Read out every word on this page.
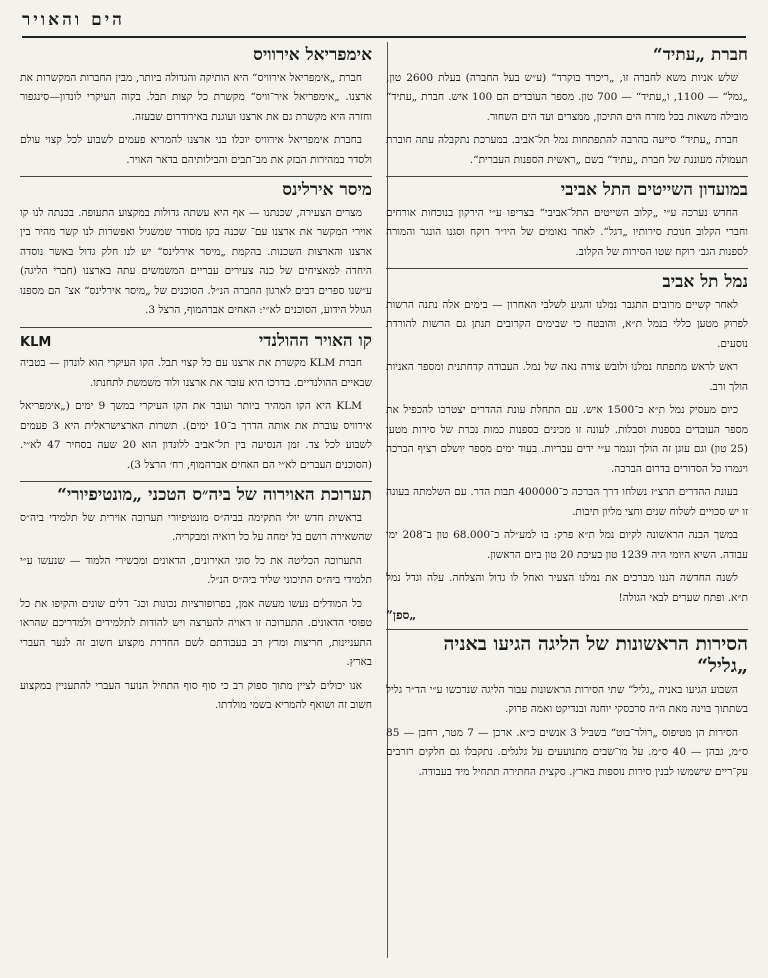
הים והאויר
חברת „עתיד“

שלש אניות משא לחברה זו, „ריכרד בוקרד“ (ע״ש בעל החברה) בעלת 2600 טון, „גמל“ — 1100, ו„עתיד“ — 700 טון. מספר העובדים הם 100 איש. חברת „עתיד“ מובילה משאות בכל מזרח הים התיכון, ממצרים ועד הים השחור.

חברת „עתיד“ סייעה בהרבה להתפתחות נמל תל־אביב. במערכת נתקבלה עתה חוברת תעמולה מעוננת של חברת „עתיד“ בשם „ראשית הספנות העברית“.

במועדון השייטים התל אביבי

החדש נערכה ע״י „קלוב השייטים התל־אביבי“ בצריפו ע״י הירקון בנוכחות אורחים וחברי הקלוב חנוכת סירותיו „דגל“. לאחר נאומים של היו״ר רוקח וסגנו הונגר והמורה לספנות הגב׳ רוקח שטו הסירות של הקלוב.

נמל תל אביב

לאחר קשיים מרובים התגבר נמלנו והגיע לשלבי האחרון — בימים אלה נתנה הרשות לפרוק מטען כללי בנמל ת״א, והובטח כי שבימים הקרובים תנתן גם הרשות להורדת נוסעים.

ראש לראש מתפתח נמלנו ולובש צורה נאה של נמל. העבודה קדחתנית ומספר האניות הולך ורב.

כיום מעסיק נמל ת״א כ־1500 איש. עם התחלת עונת ההדרים יצטרכו להכפיל את מספר העובדים בספנות וסבלות. לעונה זו מכינים בספנות כמות נכרת של סירות מטען (25 טון) וגם עוגן זה הולך ונגמר ע״י ידים עבריות. בעוד ימים מספר יושלם רציף הברכה ויגמרו כל הסדורים בדרום הברכה.

בעונת ההדרים תרצ״ז נשלחו דרך הברכה כ־400000 תבות הדר. עם השלמתה בעונה זו יש סכויים לשלוח שנים וחצי מליון תיבות.

במשך הבנה הראשונה לקיום נמל ת״א פרק: בו למע״לה כ־68.000 טון ב־208 ימי עבודה. השיא היומי היה 1239 טון בעיבת 20 טון ביום הראשון.

לשנה החדשה הננו מברכים את נמלנו הצעיר ואחל לו גדול והצלחה. עלה וגדל נמל ת״א. ופתח שערים לבאי הגולה!

„ספן“
הסירות הראשונות של הליגה הגיעו באניה „גליל“

השבוע הגיעו באניה „גליל“ שתי הסירות הראשונות עבור הליגה שנרכשו ע״י הד״ר גליל בשתתוך בוינה מאת ה״ה סרכסקי יוחנה ובנדיקט ואמה פרוק.

הסירות הן מטיפוס „רולר־בוט“ בשביל 3 אנשים כ״א. ארכן — 7 מטר, רחבן — 85 ס״מ, גבהן — 40 ס״מ. על מו־שבים מתנועעים על גלגלים. נתקבלו גם חלקים רזרבים עק־ריים שישמשו לבנין סירות נוספות בארץ. סקצית החתירה תתחיל מיד בעבודה.

אימפריאל אירוויס

חברת „אימפריאל אירוויס“ היא הותיקה והגדולה ביותר, מבין החברות המקשרות את ארצנו. „אימפריאל איר־וויס“ מקשרת כל קצות תבל. בקוה העיקרי לונדון—סינגפור וחזרה היא מקשרת גם את ארצנו ועוגנת באירודרום שבעזה.

בחברת אימפריאל אירוויס יוכלו בני ארצנו להמריא פעמים לשבוע לכל קצוי עולם ולסדר במהירות הבזק את מב־תבים והבילותיהם בדאר האויר.

מיסר אירלינס

מצרים הצעירה, שכנתנו — אף היא עשתה גדולות במקצוע התעופה. בכנתה לנו קו אוירי המקשר את ארצנו עם־ שכנה בקו מסודר שמשגיל ואפשרות לנו קשר מהיר בין ארצנו והארצות השכנות. בהקמת „מיסר אירלינס“ יש לנו חלק גדול באשר נוסדה היחדה למאציחים של כנה צעירים עבריים המשמשים עתה בארצנו (חברי הליגה) ע״שנו ספרים דבים לארגון החברה הנ״ל. הסוכנים של „מיסר אירלינס“ אצ־ הם מספנו הגולל הידוע, הסוכנים לא״י: האחים אברהמוף, הרצל 3.

קו האויר ההולנדי
KLM

חברת KLM מקשרת את ארצנו עם כל קצוי תבל. הקו העיקרי הוא לונדון — בטביה שבאיים ההולנדיים. בדרכו היא עובר את ארצנו ולוד משמשת לתחנתו.

KLM היא הקו המהיר ביותר ועובר את הקו העיקרי במשך 9 ימים („אימפריאל אירוויס עוברת את אותה הדרך ב־10 ימים). תשרות הארצישראלית היא 3 פעמים לשבוע לכל צד. זמן הנסיעה בין תל־אביב ללונדון הוא 20 שעה בסחיר 47 לא״י. (הסוכנים העברים לא״י הם האחים אברהמוף, רח׳ הרצל 3).

תערוכת האוירוה של ביה״ס הטכני „מונטיפיורי“

בראשית חדש יולי התקימה בביה״ס מונטיפיורי תערוכה אוירית של תלמידי ביה״ס שהשאירה רושם בל ימחה על כל רואיה ומבקריה.

התערוכה הכליטה את כל סוגי האירונים, הדאונים ומכשירי הלמוד — שנעשו ע״י תלמידי ביה״ס התיכוני שליד ביה״ס הנ״ל.

כל המודלים נעשו מעשה אמן, בפרופורציות נכונות וכג־ דלים שונים והקיפו את כל טפוסי הדאונים. התערוכה זו ראויה להערצה ויש להודות לתלמידים ולמדריכם שהראו התעניינות, חריצות ומרץ רב בעבודתם לשם החדרת מקצוע חשוב זה לנער העברי בארץ.

אנו יכולים לציין מתוך ספוק רב כי סוף סוף התחיל הנוער העברי להתעניין במקצוע חשוב זה ושואף להמריא בשמי מולדתו.
